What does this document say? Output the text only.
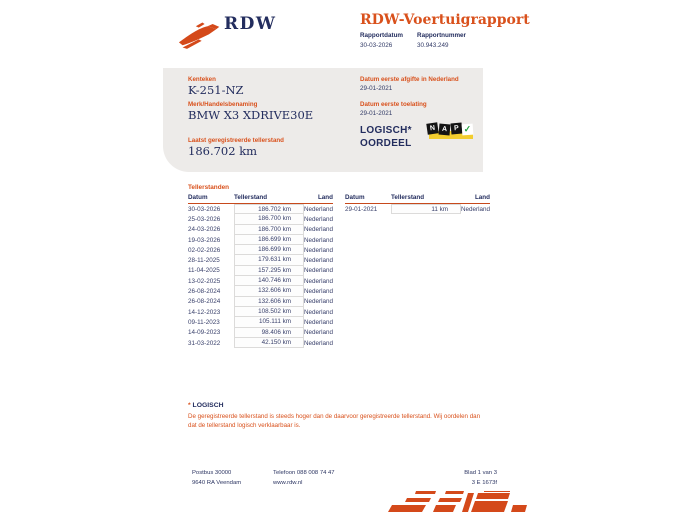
RDW	RDW-Voertuigrapport
Rapportdatum
30-03-2026
Rapportnummer
30.943.249
Kenteken
K-251-NZ
Merk/Handelsbenaming
BMW X3 XDRIVE30E
Laatst geregistreerde tellerstand
186.702 km
Datum eerste afgifte in Nederland
29-01-2021
Datum eerste toelating
29-01-2021
LOGISCH*
OORDEEL
N A P ✓
Tellerstanden
Datum	Tellerstand	Land
30-03-2026	186.702 km	Nederland
25-03-2026	186.700 km	Nederland
24-03-2026	186.700 km	Nederland
19-03-2026	186.699 km	Nederland
02-02-2026	186.699 km	Nederland
28-11-2025	179.631 km	Nederland
11-04-2025	157.295 km	Nederland
13-02-2025	140.746 km	Nederland
26-08-2024	132.606 km	Nederland
26-08-2024	132.606 km	Nederland
14-12-2023	108.502 km	Nederland
09-11-2023	105.111 km	Nederland
14-09-2023	98.406 km	Nederland
31-03-2022	42.150 km	Nederland
Datum	Tellerstand	Land
29-01-2021	11 km	Nederland
* LOGISCH
De geregistreerde tellerstand is steeds hoger dan de daarvoor geregistreerde tellerstand. Wij oordelen dan dat de tellerstand logisch verklaarbaar is.
Postbus 30000
9640 RA Veendam
Telefoon 088 008 74 47
www.rdw.nl
Blad 1 van 3
3 E 1673f
